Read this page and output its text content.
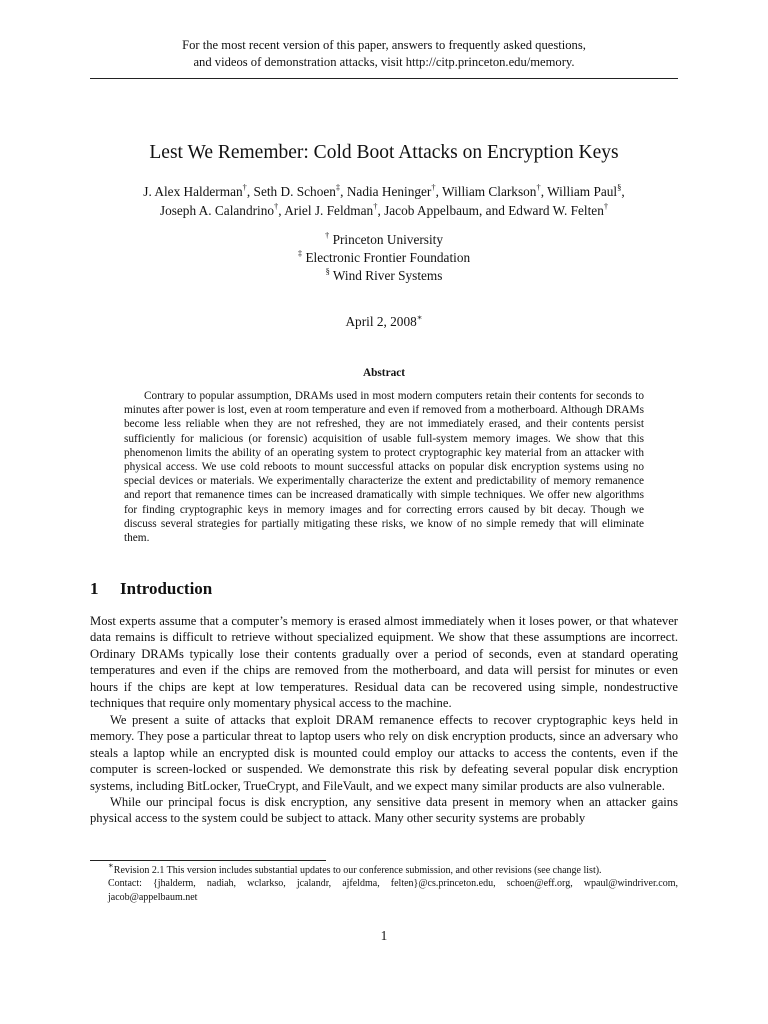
For the most recent version of this paper, answers to frequently asked questions,
and videos of demonstration attacks, visit http://citp.princeton.edu/memory.
Lest We Remember: Cold Boot Attacks on Encryption Keys
J. Alex Halderman†, Seth D. Schoen‡, Nadia Heninger†, William Clarkson†, William Paul§,
Joseph A. Calandrino†, Ariel J. Feldman†, Jacob Appelbaum, and Edward W. Felten†
† Princeton University
‡ Electronic Frontier Foundation
§ Wind River Systems
April 2, 2008∗
Abstract

Contrary to popular assumption, DRAMs used in most modern computers retain their contents for seconds to minutes after power is lost, even at room temperature and even if removed from a motherboard. Although DRAMs become less reliable when they are not refreshed, they are not immediately erased, and their contents persist sufficiently for malicious (or forensic) acquisition of usable full-system memory images. We show that this phenomenon limits the ability of an operating system to protect cryptographic key material from an attacker with physical access. We use cold reboots to mount successful attacks on popular disk encryption systems using no special devices or materials. We experimentally characterize the extent and predictability of memory remanence and report that remanence times can be increased dramatically with simple techniques. We offer new algorithms for finding cryptographic keys in memory images and for correcting errors caused by bit decay. Though we discuss several strategies for partially mitigating these risks, we know of no simple remedy that will eliminate them.

1 Introduction

Most experts assume that a computer’s memory is erased almost immediately when it loses power, or that whatever data remains is difficult to retrieve without specialized equipment. We show that these assumptions are incorrect. Ordinary DRAMs typically lose their contents gradually over a period of seconds, even at standard operating temperatures and even if the chips are removed from the motherboard, and data will persist for minutes or even hours if the chips are kept at low temperatures. Residual data can be recovered using simple, nondestructive techniques that require only momentary physical access to the machine.

We present a suite of attacks that exploit DRAM remanence effects to recover cryptographic keys held in memory. They pose a particular threat to laptop users who rely on disk encryption products, since an adversary who steals a laptop while an encrypted disk is mounted could employ our attacks to access the contents, even if the computer is screen-locked or suspended. We demonstrate this risk by defeating several popular disk encryption systems, including BitLocker, TrueCrypt, and FileVault, and we expect many similar products are also vulnerable.

While our principal focus is disk encryption, any sensitive data present in memory when an attacker gains physical access to the system could be subject to attack. Many other security systems are probably

∗Revision 2.1 This version includes substantial updates to our conference submission, and other revisions (see change list).
Contact: {jhalderm, nadiah, wclarkso, jcalandr, ajfeldma, felten}@cs.princeton.edu, schoen@eff.org, wpaul@windriver.com, jacob@appelbaum.net
1
